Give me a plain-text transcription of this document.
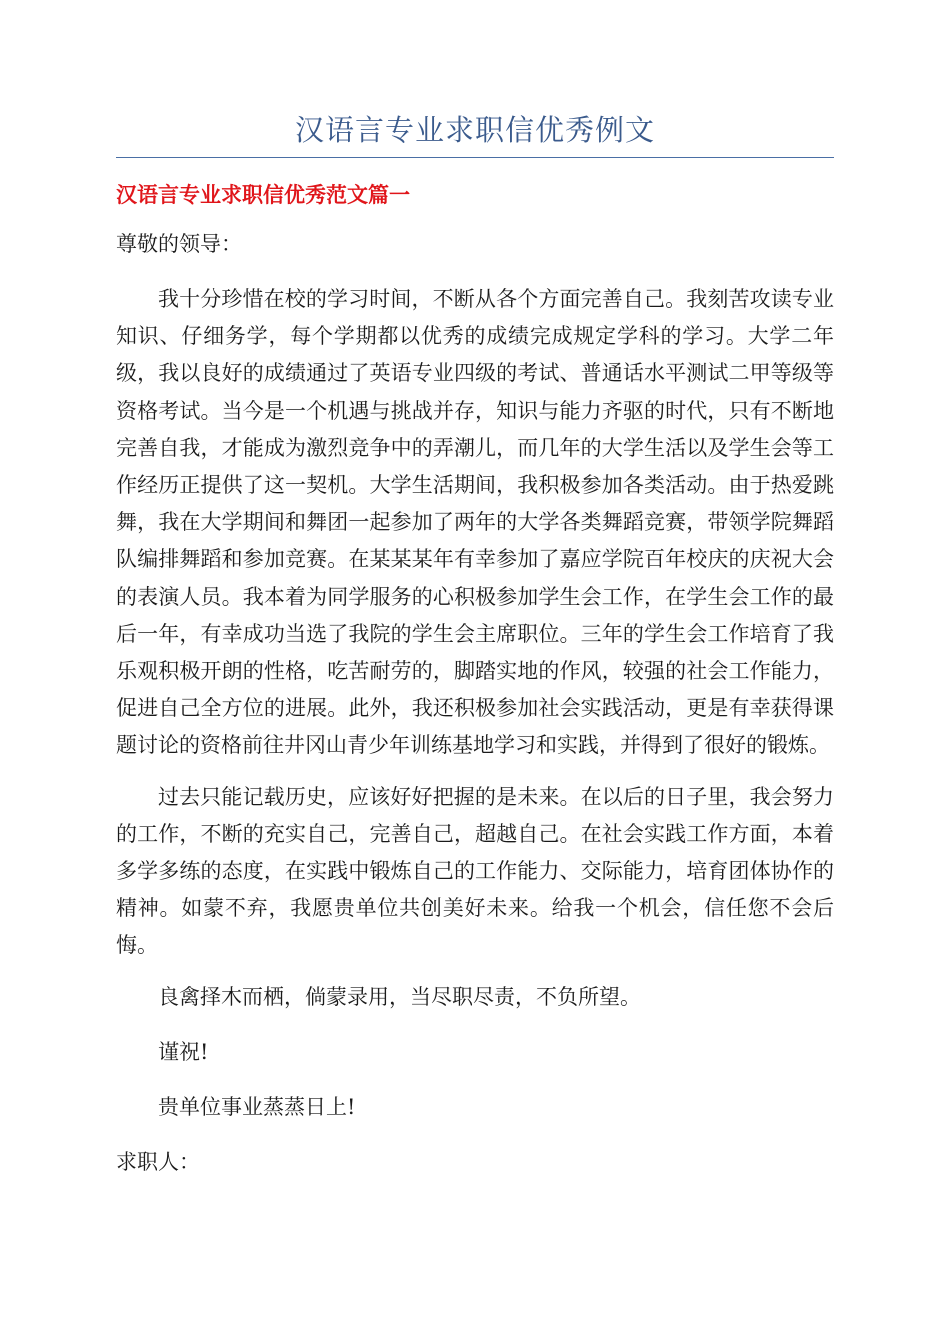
汉语言专业求职信优秀例文
汉语言专业求职信优秀范文篇一

尊敬的领导：

我十分珍惜在校的学习时间，不断从各个方面完善自己。我刻苦攻读专业知识、仔细务学，每个学期都以优秀的成绩完成规定学科的学习。大学二年级，我以良好的成绩通过了英语专业四级的考试、普通话水平测试二甲等级等资格考试。当今是一个机遇与挑战并存，知识与能力齐驱的时代，只有不断地完善自我，才能成为激烈竞争中的弄潮儿，而几年的大学生活以及学生会等工作经历正提供了这一契机。大学生活期间，我积极参加各类活动。由于热爱跳舞，我在大学期间和舞团一起参加了两年的大学各类舞蹈竞赛，带领学院舞蹈队编排舞蹈和参加竞赛。在某某某年有幸参加了嘉应学院百年校庆的庆祝大会的表演人员。我本着为同学服务的心积极参加学生会工作，在学生会工作的最后一年，有幸成功当选了我院的学生会主席职位。三年的学生会工作培育了我乐观积极开朗的性格，吃苦耐劳的，脚踏实地的作风，较强的社会工作能力，促进自己全方位的进展。此外，我还积极参加社会实践活动，更是有幸获得课题讨论的资格前往井冈山青少年训练基地学习和实践，并得到了很好的锻炼。

过去只能记载历史，应该好好把握的是未来。在以后的日子里，我会努力的工作，不断的充实自己，完善自己，超越自己。在社会实践工作方面，本着多学多练的态度，在实践中锻炼自己的工作能力、交际能力，培育团体协作的精神。如蒙不弃，我愿贵单位共创美好未来。给我一个机会，信任您不会后悔。

良禽择木而栖，倘蒙录用，当尽职尽责，不负所望。

谨祝!

贵单位事业蒸蒸日上!

求职人：
